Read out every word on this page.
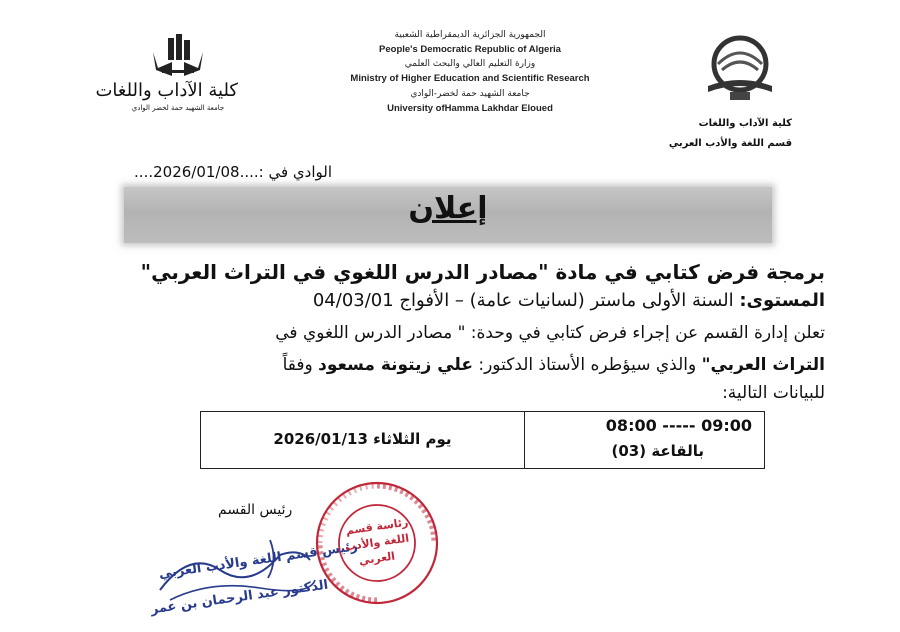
كلية الآداب واللغات
جامعة الشهيد حمة لخضر الوادي
الجمهورية الجزائرية الديمقراطية الشعبية
People's Democratic Republic of Algeria
وزارة التعليم العالي والبحث العلمي
Ministry of Higher Education and Scientific Research
جامعة الشهيد حمة لخضر-الوادي
University ofHamma Lakhdar Eloued
كلية الآداب واللغات
قسم اللغة والأدب العربي
الوادي في :....2026/01/08....
إعلان
برمجة فرض كتابي في مادة "مصادر الدرس اللغوي في التراث العربي"
المستوى: السنة الأولى ماستر (لسانيات عامة) – الأفواج 04/03/01
تعلن إدارة القسم عن إجراء فرض كتابي في وحدة: " مصادر الدرس اللغوي في
التراث العربي" والذي سيؤطره الأستاذ الدكتور: علي زيتونة مسعود وفقاً
للبيانات التالية:
يوم الثلاثاء 2026/01/13
08:00 ----- 09:00
بالقاعة (03)
رئيس القسم
رئيس قسم اللغة والأدب العربي
الدكتور عبد الرحمان بن عمر
رئاسة قسم
اللغة والأدب
العربي
